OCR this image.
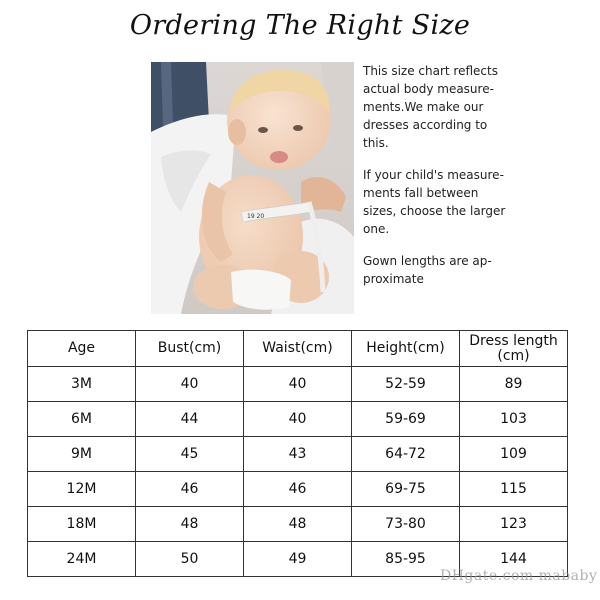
Ordering The Right Size
19 20

This size chart reflects actual body measure- ments.We make our dresses according to this.

If your child's measure- ments fall between sizes, choose the larger one.

Gown lengths are ap- proximate

Age	Bust(cm)	Waist(cm)	Height(cm)	Dress length
(cm)

3M	40	40	52-59	89
6M	44	40	59-69	103
9M	45	43	64-72	109
12M	46	46	69-75	115
18M	48	48	73-80	123
24M	50	49	85-95	144
DHgate.com mababy
